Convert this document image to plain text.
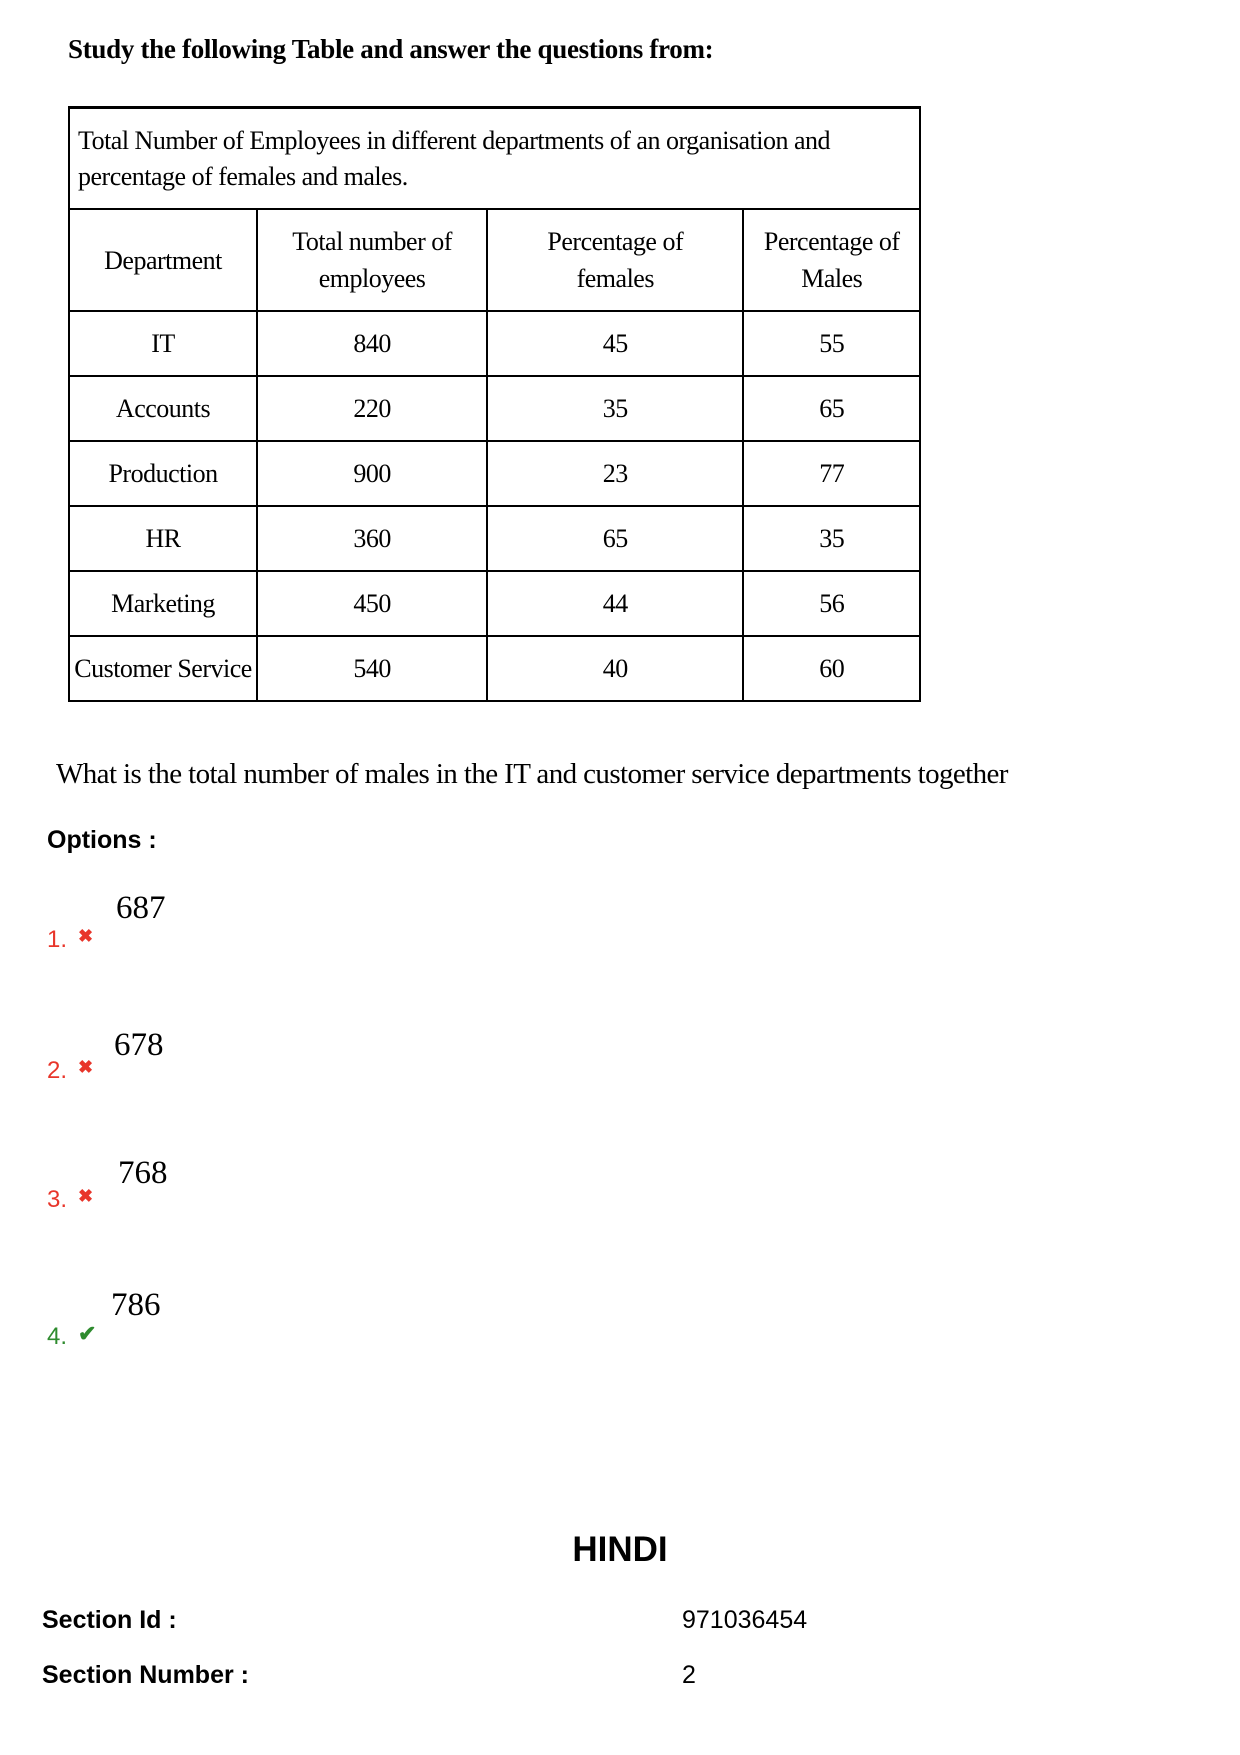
Study the following Table and answer the questions from:
Total Number of Employees in different departments of an organisation and percentage of females and males.			
Department	Total number of employees	Percentage of females	Percentage of Males
IT	840	45	55
Accounts	220	35	65
Production	900	23	77
HR	360	65	35
Marketing	450	44	56
Customer Service	540	40	60
What is the total number of males in the IT and customer service departments together
Options :
1. ✖
687
2. ✖
678
3. ✖
768
4. ✔
786
HINDI
Section Id :	971036454
Section Number :	2
